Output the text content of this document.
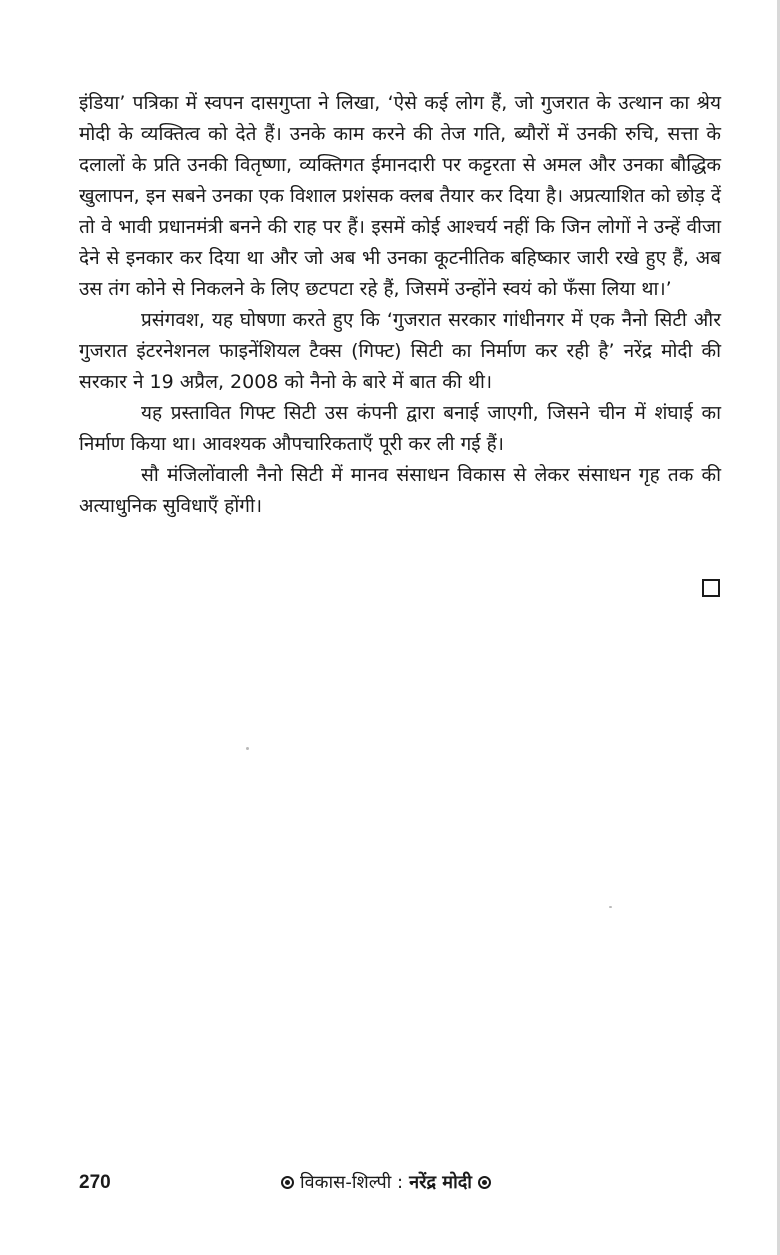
इंडिया’ पत्रिका में स्वपन दासगुप्ता ने लिखा, ‘ऐसे कई लोग हैं, जो गुजरात के उत्थान का श्रेय मोदी के व्यक्तित्व को देते हैं। उनके काम करने की तेज गति, ब्यौरों में उनकी रुचि, सत्ता के दलालों के प्रति उनकी वितृष्णा, व्यक्तिगत ईमानदारी पर कट्टरता से अमल और उनका बौद्धिक खुलापन, इन सबने उनका एक विशाल प्रशंसक क्लब तैयार कर दिया है। अप्रत्याशित को छोड़ दें तो वे भावी प्रधानमंत्री बनने की राह पर हैं। इसमें कोई आश्चर्य नहीं कि जिन लोगों ने उन्हें वीजा देने से इनकार कर दिया था और जो अब भी उनका कूटनीतिक बहिष्कार जारी रखे हुए हैं, अब उस तंग कोने से निकलने के लिए छटपटा रहे हैं, जिसमें उन्होंने स्वयं को फँसा लिया था।’

प्रसंगवश, यह घोषणा करते हुए कि ‘गुजरात सरकार गांधीनगर में एक नैनो सिटी और गुजरात इंटरनेशनल फाइनेंशियल टैक्स (गिफ्ट) सिटी का निर्माण कर रही है’ नरेंद्र मोदी की सरकार ने 19 अप्रैल, 2008 को नैनो के बारे में बात की थी।

यह प्रस्तावित गिफ्ट सिटी उस कंपनी द्वारा बनाई जाएगी, जिसने चीन में शंघाई का निर्माण किया था। आवश्यक औपचारिकताएँ पूरी कर ली गई हैं।

सौ मंजिलोंवाली नैनो सिटी में मानव संसाधन विकास से लेकर संसाधन गृह तक की अत्याधुनिक सुविधाएँ होंगी।

270	विकास-शिल्पी : नरेंद्र मोदी
